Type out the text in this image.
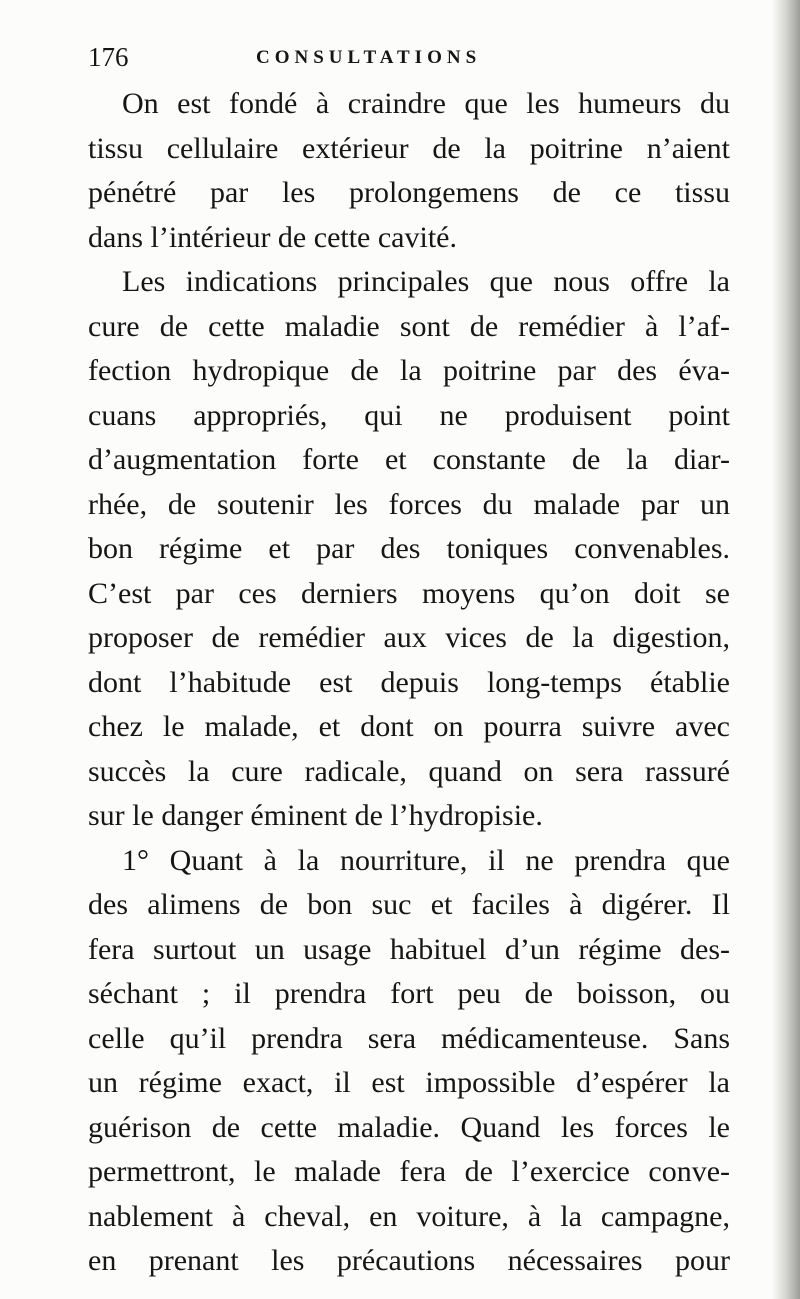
176	CONSULTATIONS
On est fondé à craindre que les humeurs du
tissu cellulaire extérieur de la poitrine n’aient
pénétré par les prolongemens de ce tissu
dans l’intérieur de cette cavité.
Les indications principales que nous offre la
cure de cette maladie sont de remédier à l’af-
fection hydropique de la poitrine par des éva-
cuans appropriés, qui ne produisent point
d’augmentation forte et constante de la diar-
rhée, de soutenir les forces du malade par un
bon régime et par des toniques convenables.
C’est par ces derniers moyens qu’on doit se
proposer de remédier aux vices de la digestion,
dont l’habitude est depuis long-temps établie
chez le malade, et dont on pourra suivre avec
succès la cure radicale, quand on sera rassuré
sur le danger éminent de l’hydropisie.
1° Quant à la nourriture, il ne prendra que
des alimens de bon suc et faciles à digérer. Il
fera surtout un usage habituel d’un régime des-
séchant ; il prendra fort peu de boisson, ou
celle qu’il prendra sera médicamenteuse. Sans
un régime exact, il est impossible d’espérer la
guérison de cette maladie. Quand les forces le
permettront, le malade fera de l’exercice conve-
nablement à cheval, en voiture, à la campagne,
en prenant les précautions nécessaires pour
